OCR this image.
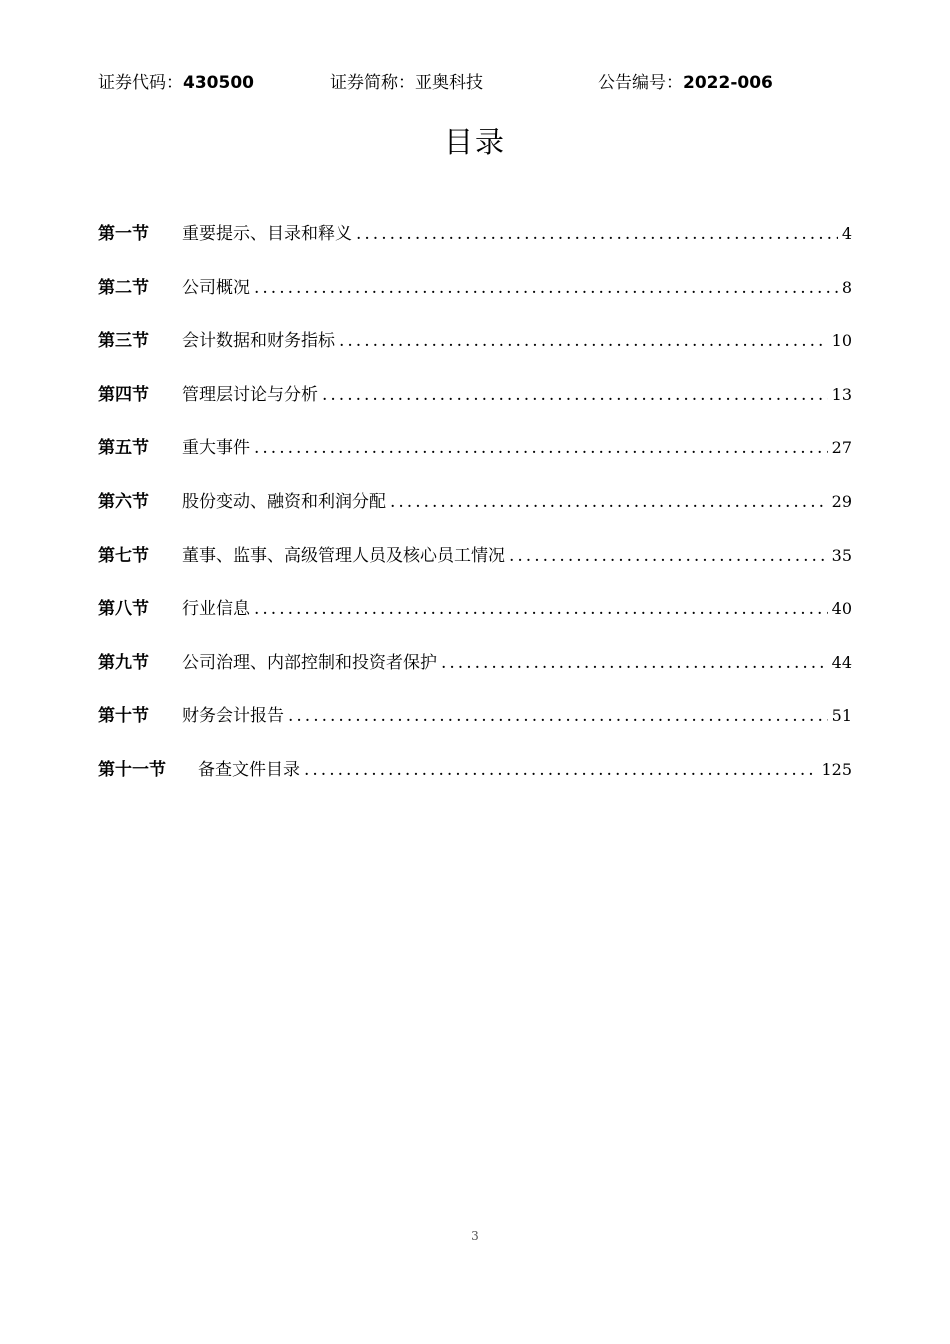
证券代码：430500	证券简称：亚奥科技	公告编号：2022-006
目录
第一节	重要提示、目录和释义 .....	4
第二节	公司概况 .....	8
第三节	会计数据和财务指标 .....	10
第四节	管理层讨论与分析 .....	13
第五节	重大事件 .....	27
第六节	股份变动、融资和利润分配 .....	29
第七节	董事、监事、高级管理人员及核心员工情况 .....	35
第八节	行业信息 .....	40
第九节	公司治理、内部控制和投资者保护 .....	44
第十节	财务会计报告 .....	51
第十一节	备查文件目录 .....	125
3
